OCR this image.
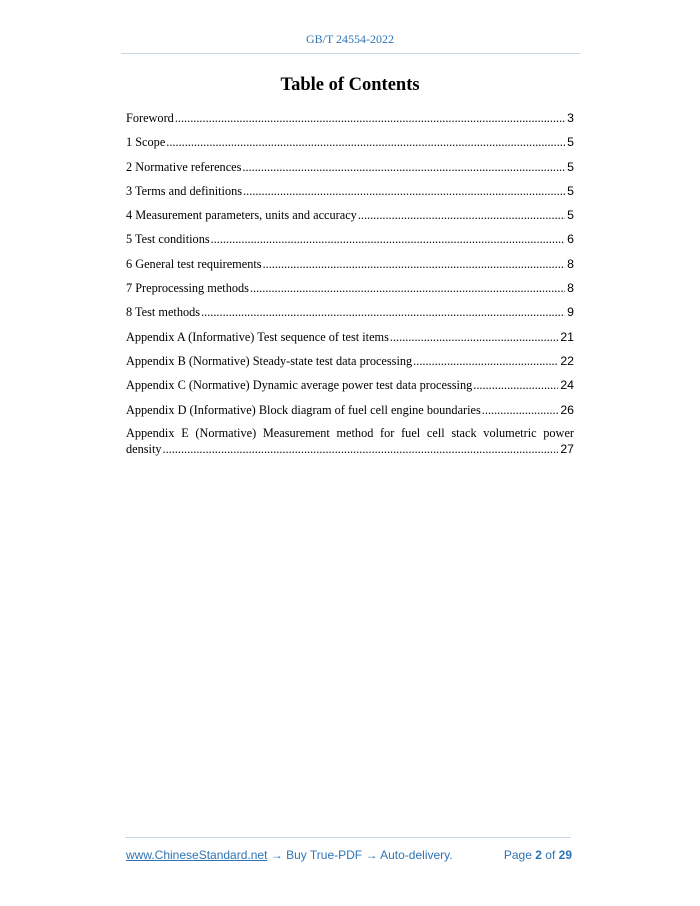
GB/T 24554-2022
Table of Contents
Foreword .....	3
1 Scope .....	5
2 Normative references .....	5
3 Terms and definitions .....	5
4 Measurement parameters, units and accuracy .....	5
5 Test conditions .....	6
6 General test requirements .....	8
7 Preprocessing methods .....	8
8 Test methods .....	9
Appendix A (Informative) Test sequence of test items .....	21
Appendix B (Normative) Steady-state test data processing .....	22
Appendix C (Normative) Dynamic average power test data processing .....	24
Appendix D (Informative) Block diagram of fuel cell engine boundaries .....	26
Appendix E (Normative) Measurement method for fuel cell stack volumetric power
density .....	27
www.ChineseStandard.net → Buy True-PDF → Auto-delivery.	Page 2 of 29
